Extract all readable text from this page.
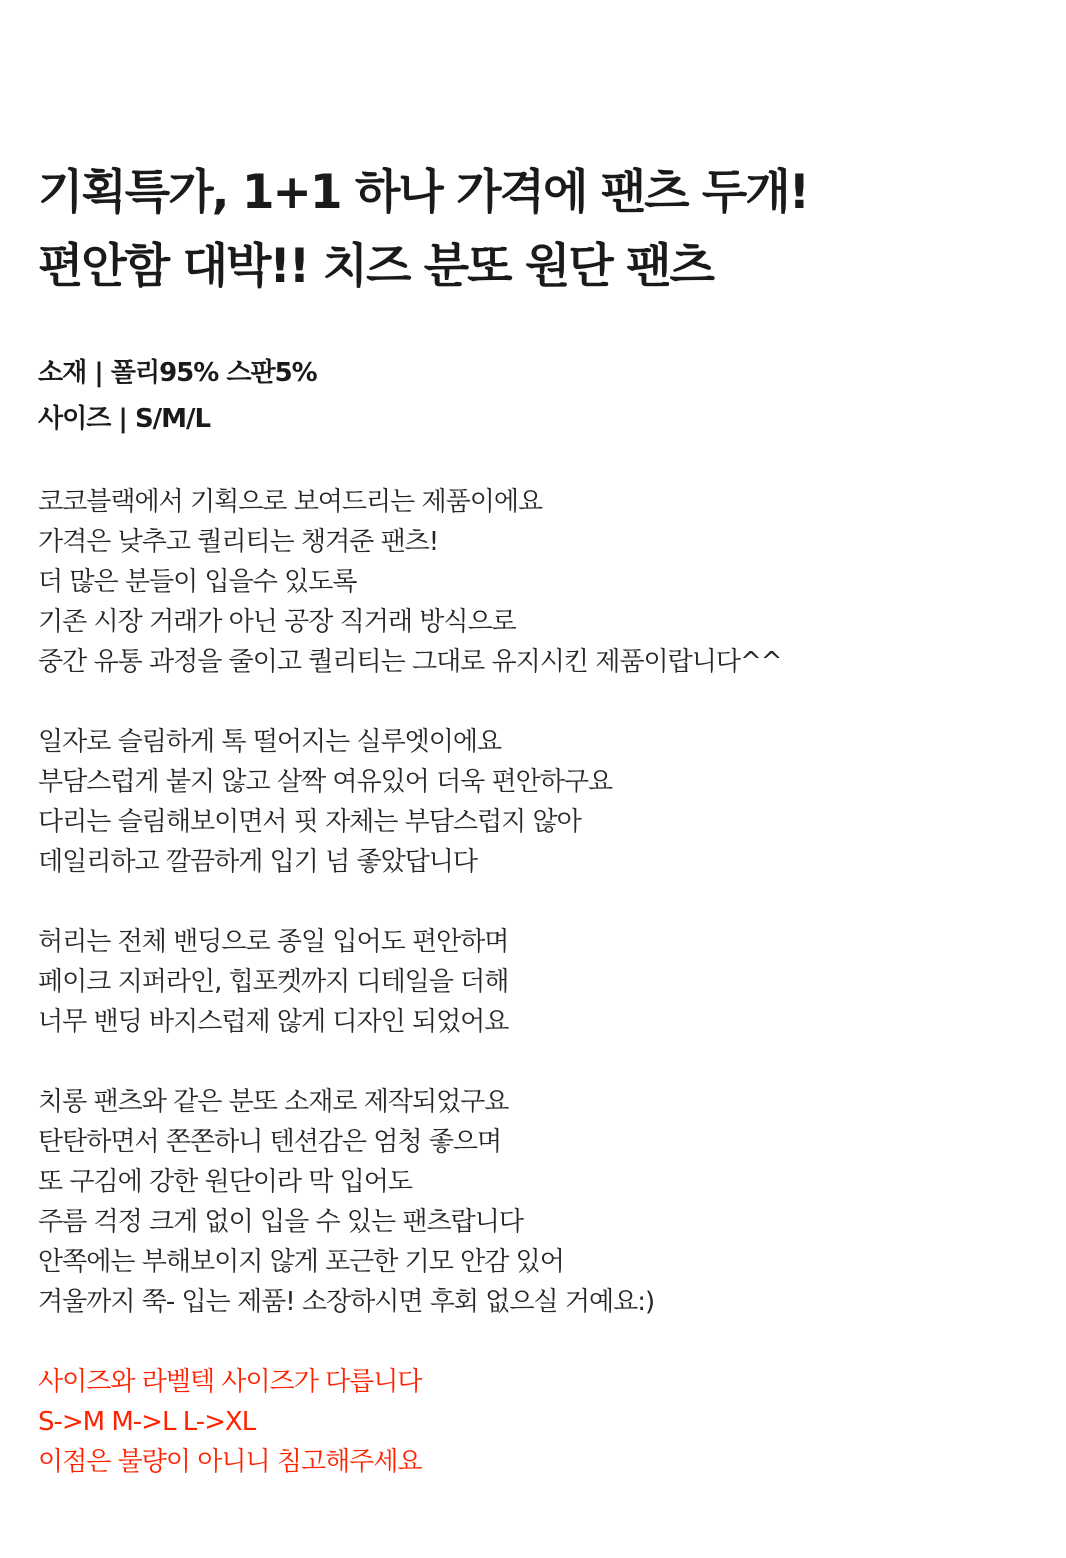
기획특가, 1+1 하나 가격에 팬츠 두개!
편안함 대박!! 치즈 분또 원단 팬츠
소재 | 폴리95% 스판5%
사이즈 | S/M/L

코코블랙에서 기획으로 보여드리는 제품이에요
가격은 낮추고 퀄리티는 챙겨준 팬츠!
더 많은 분들이 입을수 있도록
기존 시장 거래가 아닌 공장 직거래 방식으로
중간 유통 과정을 줄이고 퀄리티는 그대로 유지시킨 제품이랍니다^^

일자로 슬림하게 톡 떨어지는 실루엣이에요
부담스럽게 붙지 않고 살짝 여유있어 더욱 편안하구요
다리는 슬림해보이면서 핏 자체는 부담스럽지 않아
데일리하고 깔끔하게 입기 넘 좋았답니다

허리는 전체 밴딩으로 종일 입어도 편안하며
페이크 지퍼라인, 힙포켓까지 디테일을 더해
너무 밴딩 바지스럽제 않게 디자인 되었어요

치롱 팬츠와 같은 분또 소재로 제작되었구요
탄탄하면서 쫀쫀하니 텐션감은 엄청 좋으며
또 구김에 강한 원단이라 막 입어도
주름 걱정 크게 없이 입을 수 있는 팬츠랍니다
안쪽에는 부해보이지 않게 포근한 기모 안감 있어
겨울까지 쭉- 입는 제품! 소장하시면 후회 없으실 거예요:)

사이즈와 라벨텍 사이즈가 다릅니다
S->M M->L L->XL
이점은 불량이 아니니 침고해주세요
